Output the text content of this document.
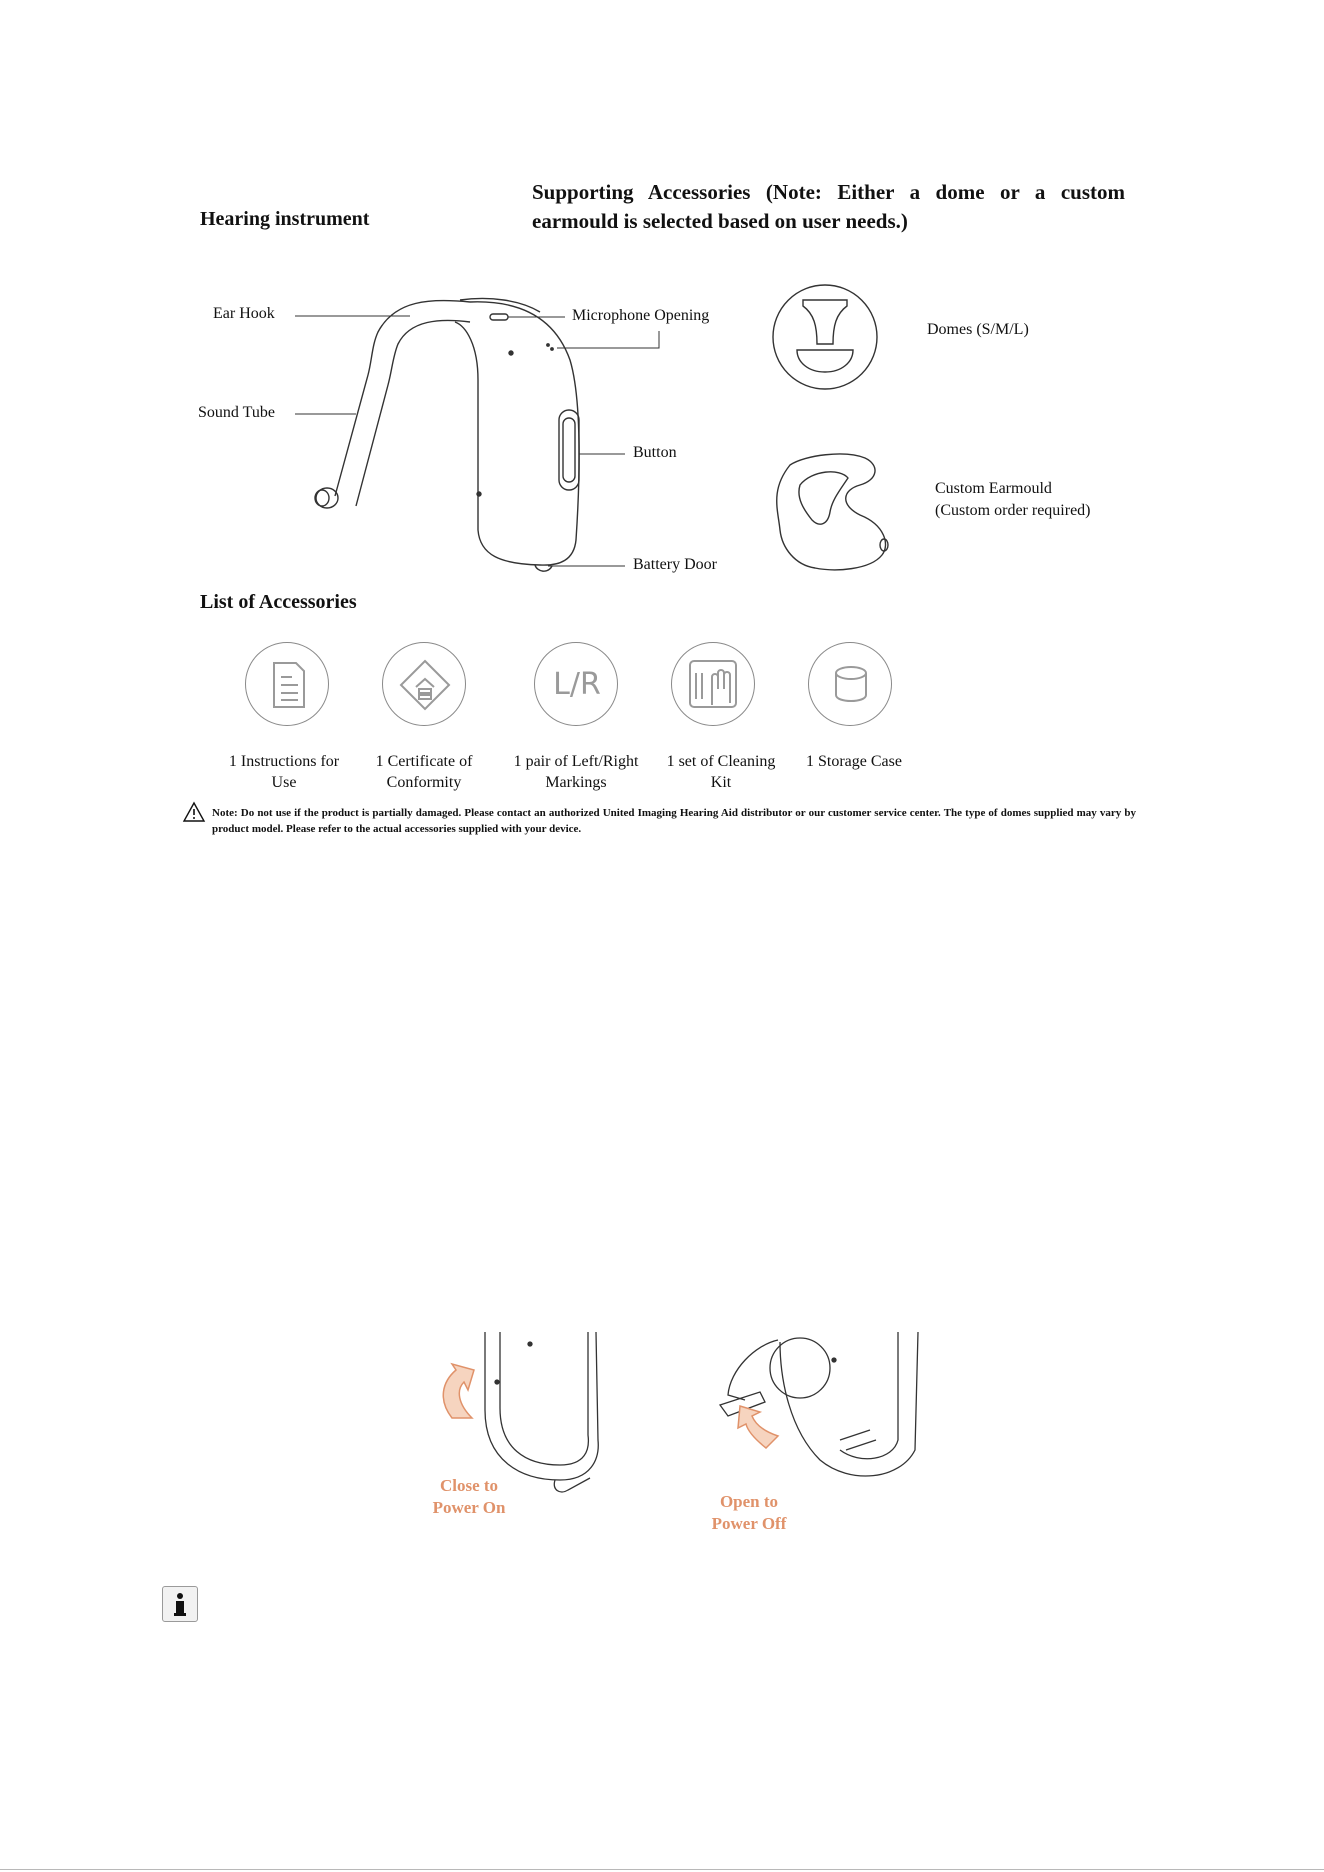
Hearing instrument
Supporting Accessories (Note: Either a dome or a custom earmould is selected based on user needs.)
Ear Hook
Sound Tube
Microphone Opening
Button
Battery Door
Domes (S/M/L)
Custom Earmould
(Custom order required)
List of Accessories
L/R
1 Instructions for
Use
1 Certificate of
Conformity
1 pair of Left/Right
Markings
1 set of Cleaning
Kit
1 Storage Case
Note: Do not use if the product is partially damaged. Please contact an authorized United Imaging Hearing Aid distributor or our customer service center. The type of domes supplied may vary by product model. Please refer to the actual accessories supplied with your device.
Close to
Power On	Open to
Power Off
